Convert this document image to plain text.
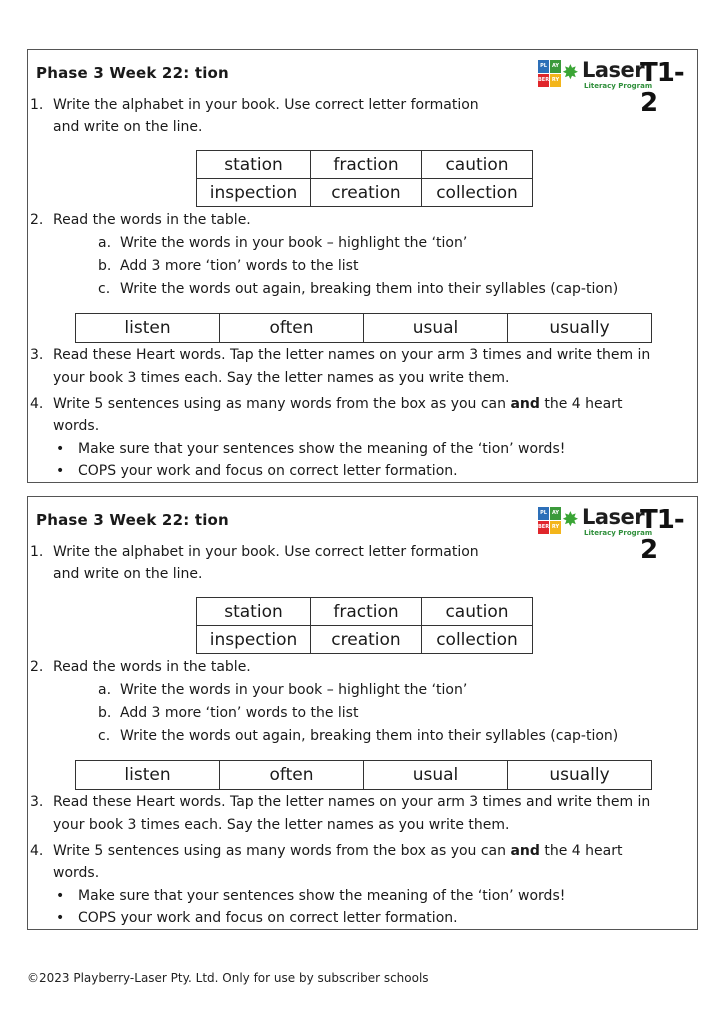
Phase 3 Week 22: tion	PL	AY
BER RY ✸ Laser
Literacy Program
T1-2
1. Write the alphabet in your book. Use correct letter formation
and write on the line.
station	fraction	caution
inspection	creation	collection
2. Read the words in the table.
a. Write the words in your book – highlight the ‘tion’
b. Add 3 more ‘tion’ words to the list
c. Write the words out again, breaking them into their syllables (cap-tion)
listen	often	usual	usually
3. Read these Heart words. Tap the letter names on your arm 3 times and write them in
your book 3 times each. Say the letter names as you write them.
4. Write 5 sentences using as many words from the box as you can and the 4 heart
words.
• Make sure that your sentences show the meaning of the ‘tion’ words!
• COPS your work and focus on correct letter formation.
Phase 3 Week 22: tion	PL	AY
BER RY ✸ Laser
Literacy Program
T1-2
1. Write the alphabet in your book. Use correct letter formation
and write on the line.
station	fraction	caution
inspection	creation	collection
2. Read the words in the table.
a. Write the words in your book – highlight the ‘tion’
b. Add 3 more ‘tion’ words to the list
c. Write the words out again, breaking them into their syllables (cap-tion)
listen	often	usual	usually
3. Read these Heart words. Tap the letter names on your arm 3 times and write them in
your book 3 times each. Say the letter names as you write them.
4. Write 5 sentences using as many words from the box as you can and the 4 heart
words.
• Make sure that your sentences show the meaning of the ‘tion’ words!
• COPS your work and focus on correct letter formation.
©2023 Playberry-Laser Pty. Ltd. Only for use by subscriber schools
